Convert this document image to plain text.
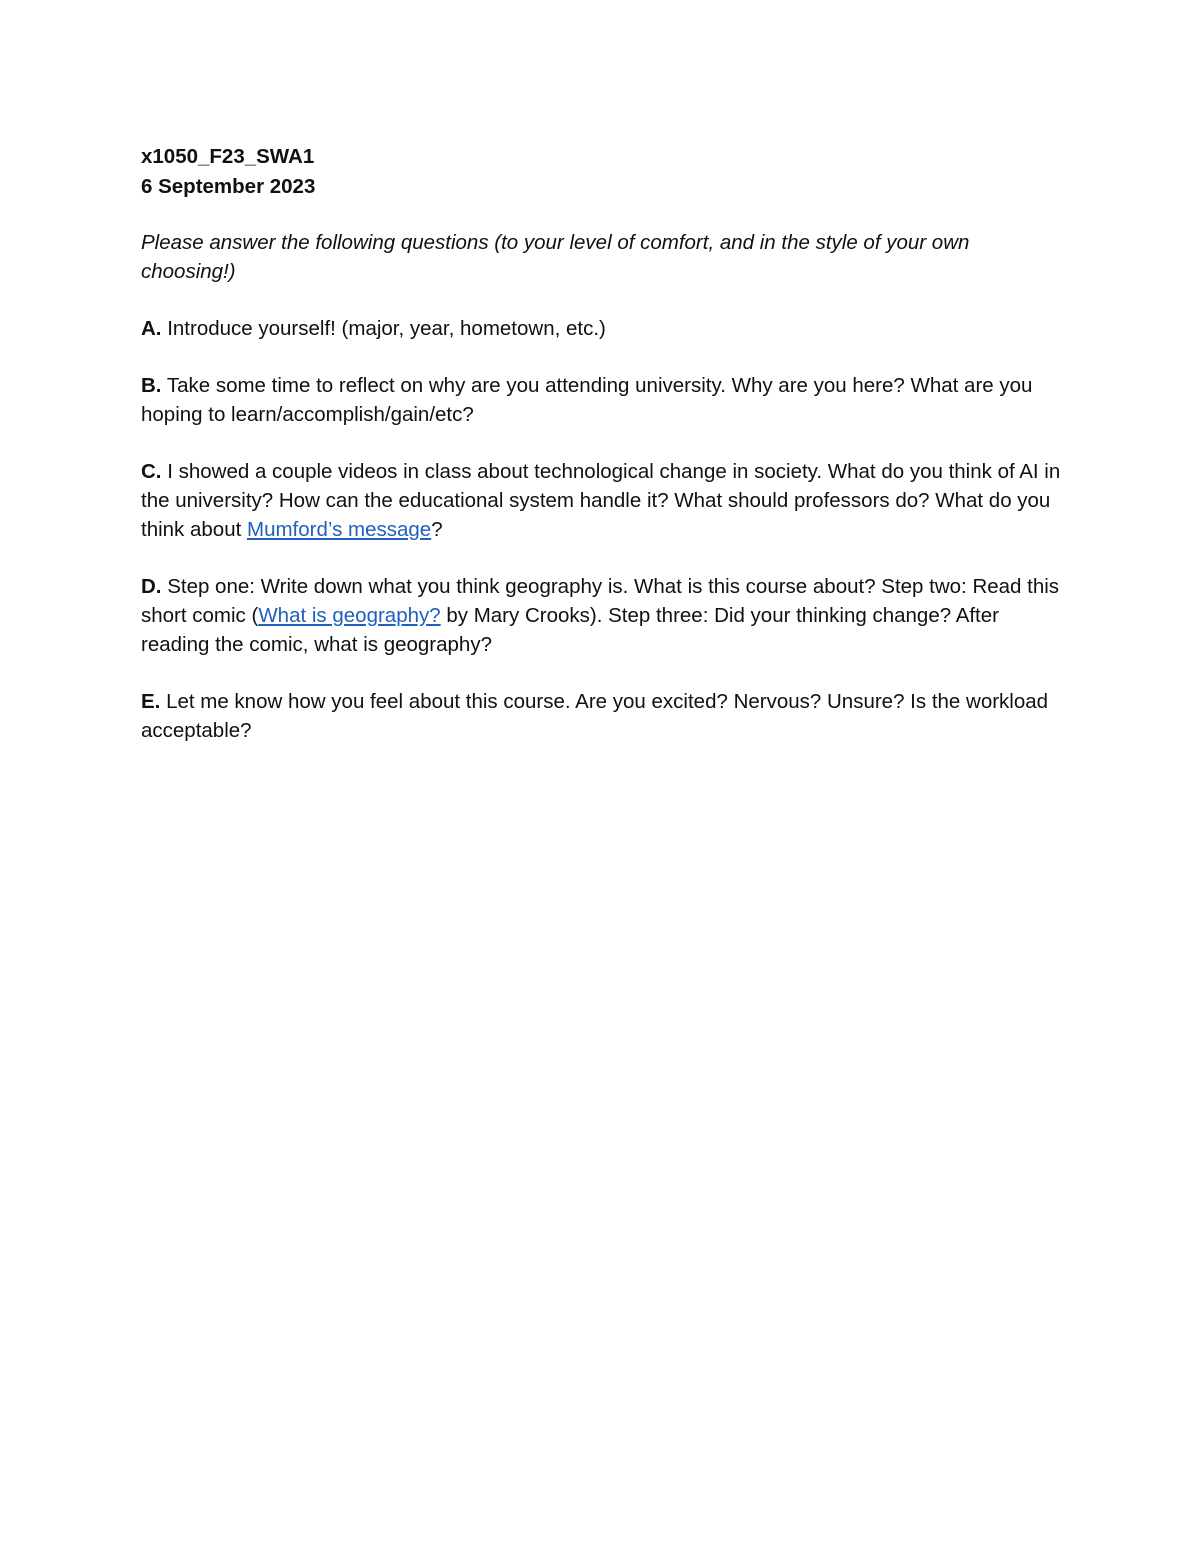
x1050_F23_SWA1

6 September 2023

Please answer the following questions (to your level of comfort, and in the style of your own choosing!)

A. Introduce yourself! (major, year, hometown, etc.)

B. Take some time to reflect on why are you attending university. Why are you here? What are you hoping to learn/accomplish/gain/etc?

C. I showed a couple videos in class about technological change in society. What do you think of AI in the university? How can the educational system handle it? What should professors do? What do you think about Mumford’s message?

D. Step one: Write down what you think geography is. What is this course about? Step two: Read this short comic (What is geography? by Mary Crooks). Step three: Did your thinking change? After reading the comic, what is geography?

E. Let me know how you feel about this course. Are you excited? Nervous? Unsure? Is the workload acceptable?
